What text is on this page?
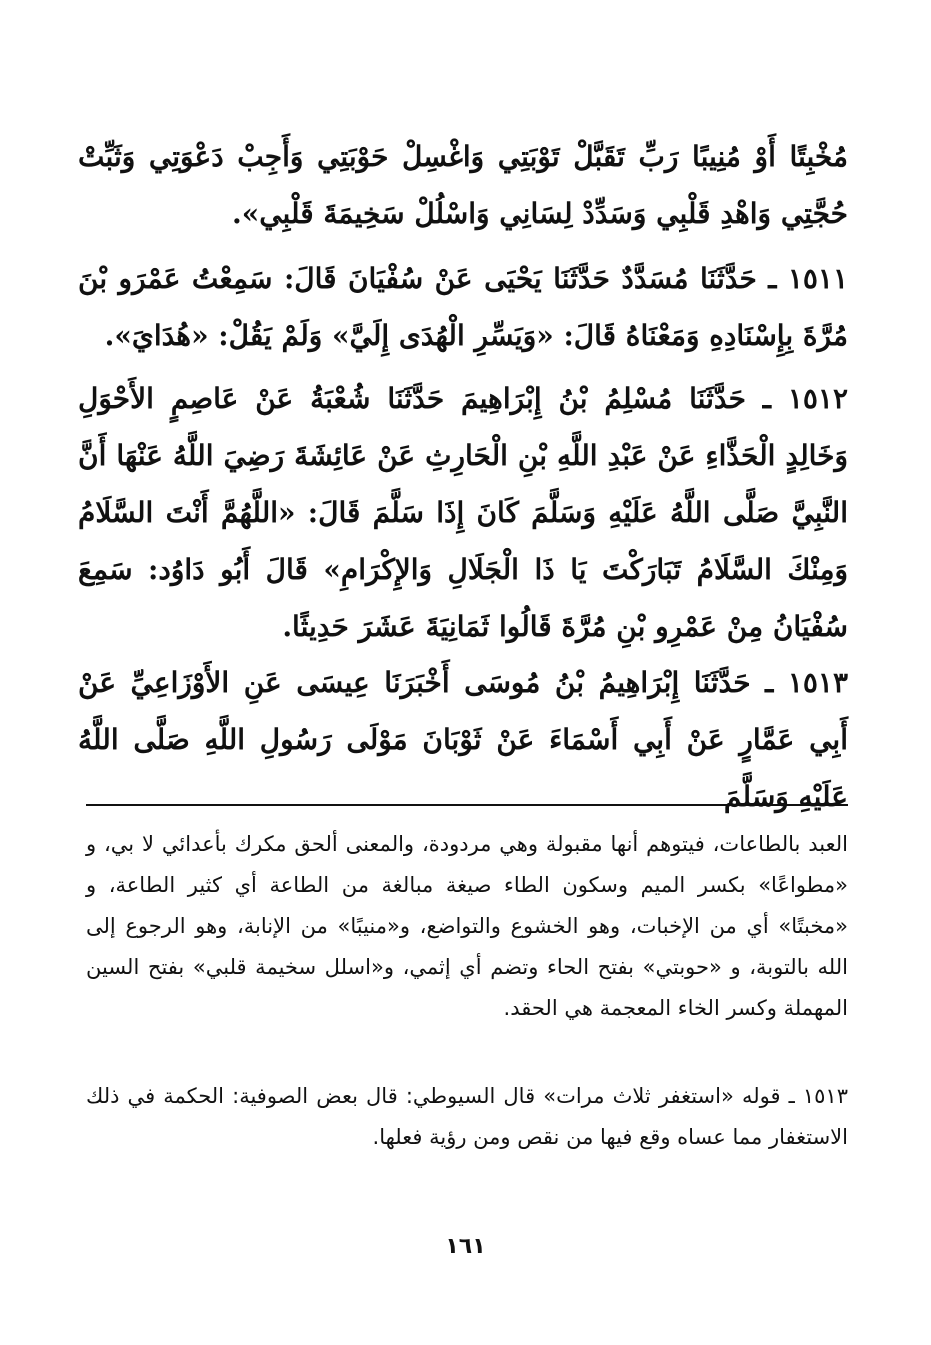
مُخْبِتًا أَوْ مُنِيبًا رَبِّ تَقَبَّلْ تَوْبَتِي وَاغْسِلْ حَوْبَتِي وَأَجِبْ دَعْوَتِي وَثَبِّتْ حُجَّتِي وَاهْدِ قَلْبِي وَسَدِّدْ لِسَانِي وَاسْلُلْ سَخِيمَةَ قَلْبِي».

١٥١١ ـ حَدَّثَنَا مُسَدَّدٌ حَدَّثَنَا يَحْيَى عَنْ سُفْيَانَ قَالَ: سَمِعْتُ عَمْرَو بْنَ مُرَّةَ بِإِسْنَادِهِ وَمَعْنَاهُ قَالَ: «وَيَسِّرِ الْهُدَى إِلَيَّ» وَلَمْ يَقُلْ: «هُدَايَ».

١٥١٢ ـ حَدَّثَنَا مُسْلِمُ بْنُ إِبْرَاهِيمَ حَدَّثَنَا شُعْبَةُ عَنْ عَاصِمٍ الأَحْوَلِ وَخَالِدٍ الْحَذَّاءِ عَنْ عَبْدِ اللَّهِ بْنِ الْحَارِثِ عَنْ عَائِشَةَ رَضِيَ اللَّهُ عَنْهَا أَنَّ النَّبِيَّ صَلَّى اللَّهُ عَلَيْهِ وَسَلَّمَ كَانَ إِذَا سَلَّمَ قَالَ: «اللَّهُمَّ أَنْتَ السَّلَامُ وَمِنْكَ السَّلَامُ تَبَارَكْتَ يَا ذَا الْجَلَالِ وَالإِكْرَامِ» قَالَ أَبُو دَاوُد: سَمِعَ سُفْيَانُ مِنْ عَمْرِو بْنِ مُرَّةَ قَالُوا ثَمَانِيَةَ عَشَرَ حَدِيثًا.

١٥١٣ ـ حَدَّثَنَا إِبْرَاهِيمُ بْنُ مُوسَى أَخْبَرَنَا عِيسَى عَنِ الأَوْزَاعِيِّ عَنْ أَبِي عَمَّارٍ عَنْ أَبِي أَسْمَاءَ عَنْ ثَوْبَانَ مَوْلَى رَسُولِ اللَّهِ صَلَّى اللَّهُ عَلَيْهِ وَسَلَّمَ

العبد بالطاعات، فيتوهم أنها مقبولة وهي مردودة، والمعنى ألحق مكرك بأعدائي لا بي، و «مطواعًا» بكسر الميم وسكون الطاء صيغة مبالغة من الطاعة أي كثير الطاعة، و «مخبتًا» أي من الإخبات، وهو الخشوع والتواضع، و«منيبًا» من الإنابة، وهو الرجوع إلى الله بالتوبة، و «حوبتي» بفتح الحاء وتضم أي إثمي، و«اسلل سخيمة قلبي» بفتح السين المهملة وكسر الخاء المعجمة هي الحقد.

١٥١٣ ـ قوله «استغفر ثلاث مرات» قال السيوطي: قال بعض الصوفية: الحكمة في ذلك الاستغفار مما عساه وقع فيها من نقص ومن رؤية فعلها.

١٦١
